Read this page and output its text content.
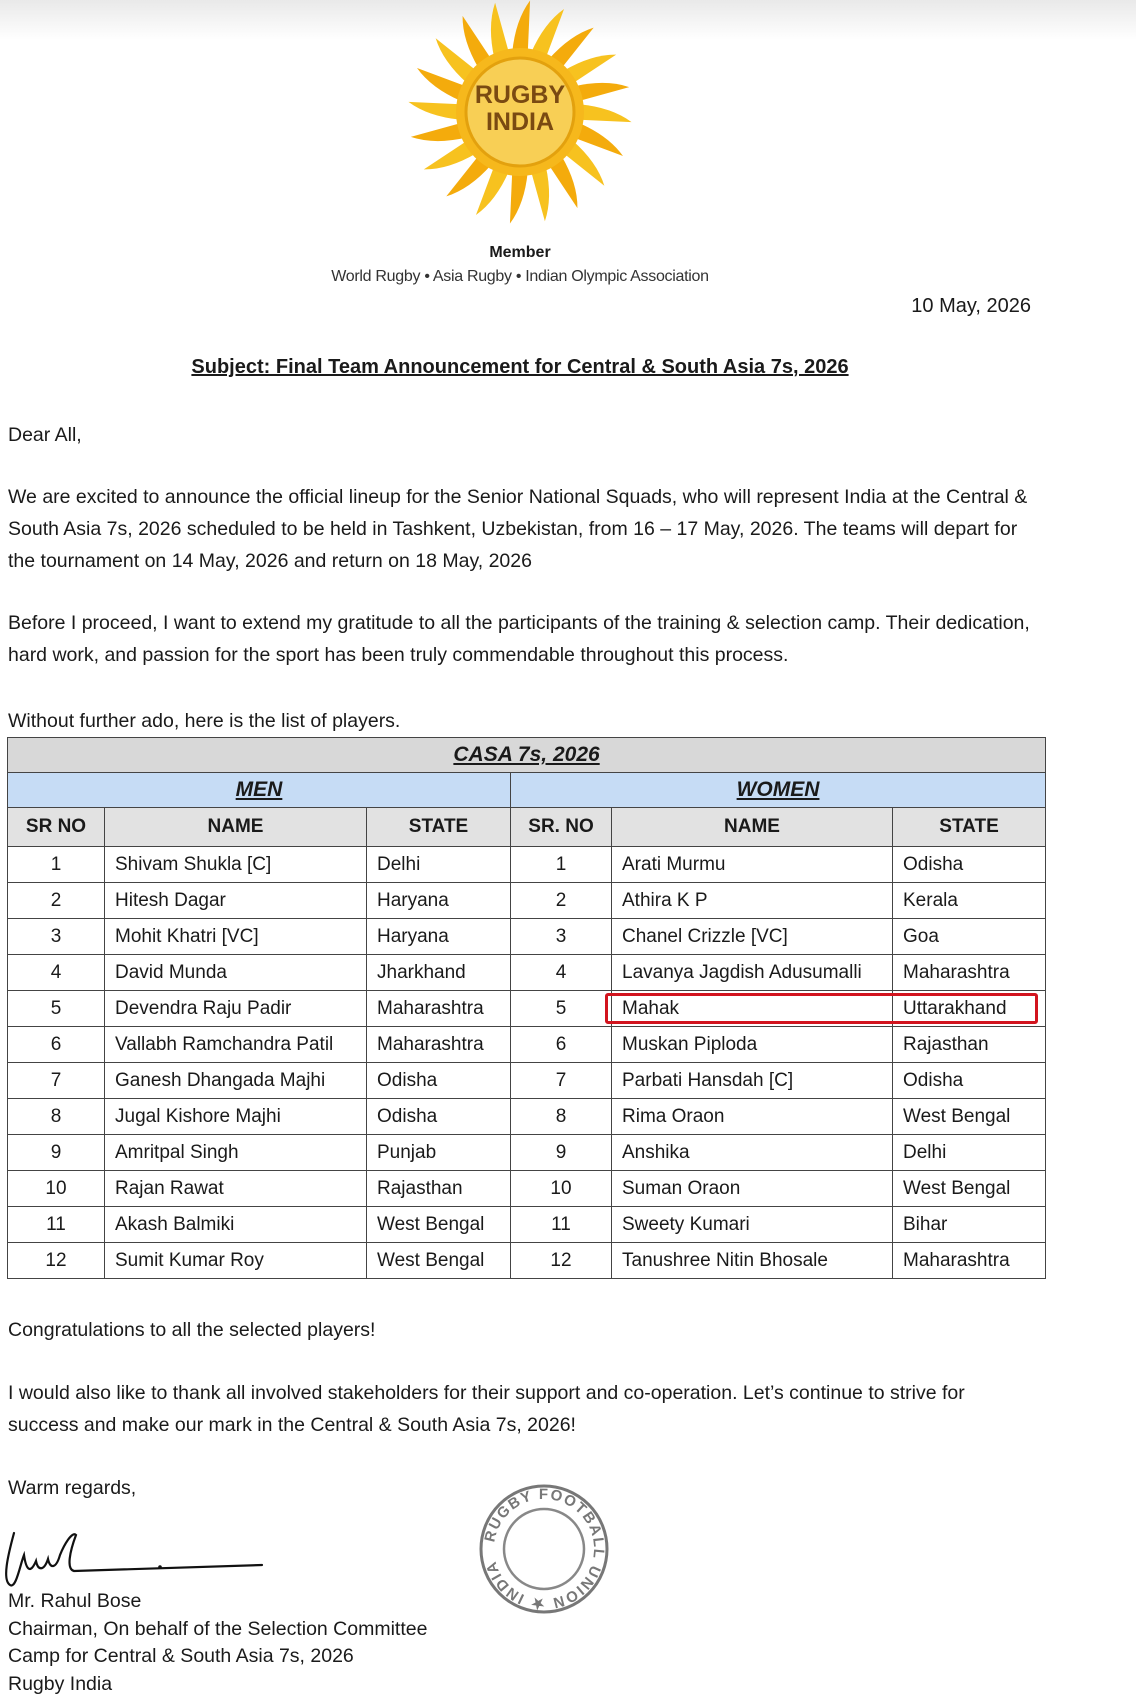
RUGBY
INDIA
Member
World Rugby • Asia Rugby • Indian Olympic Association
10 May, 2026
Subject: Final Team Announcement for Central & South Asia 7s, 2026
Dear All,
We are excited to announce the official lineup for the Senior National Squads, who will represent India at the Central & South Asia 7s, 2026 scheduled to be held in Tashkent, Uzbekistan, from 16 – 17 May, 2026. The teams will depart for the tournament on 14 May, 2026 and return on 18 May, 2026
Before I proceed, I want to extend my gratitude to all the participants of the training & selection camp. Their dedication, hard work, and passion for the sport has been truly commendable throughout this process.
Without further ado, here is the list of players.
CASA 7s, 2026					
MEN			WOMEN		
SR NO	NAME	STATE	SR. NO	NAME	STATE
1	Shivam Shukla [C]	Delhi	1	Arati Murmu	Odisha
2	Hitesh Dagar	Haryana	2	Athira K P	Kerala
3	Mohit Khatri [VC]	Haryana	3	Chanel Crizzle [VC]	Goa
4	David Munda	Jharkhand	4	Lavanya Jagdish Adusumalli	Maharashtra
5	Devendra Raju Padir	Maharashtra	5	Mahak	Uttarakhand
6	Vallabh Ramchandra Patil	Maharashtra	6	Muskan Piploda	Rajasthan
7	Ganesh Dhangada Majhi	Odisha	7	Parbati Hansdah [C]	Odisha
8	Jugal Kishore Majhi	Odisha	8	Rima Oraon	West Bengal
9	Amritpal Singh	Punjab	9	Anshika	Delhi
10	Rajan Rawat	Rajasthan	10	Suman Oraon	West Bengal
11	Akash Balmiki	West Bengal	11	Sweety Kumari	Bihar
12	Sumit Kumar Roy	West Bengal	12	Tanushree Nitin Bhosale	Maharashtra
Congratulations to all the selected players!
I would also like to thank all involved stakeholders for their support and co-operation. Let’s continue to strive for success and make our mark in the Central & South Asia 7s, 2026!
Warm regards,
Mr. Rahul Bose
Chairman, On behalf of the Selection Committee
Camp for Central & South Asia 7s, 2026
Rugby India
RUGBY FOOTBALL UNION ★ INDIA
